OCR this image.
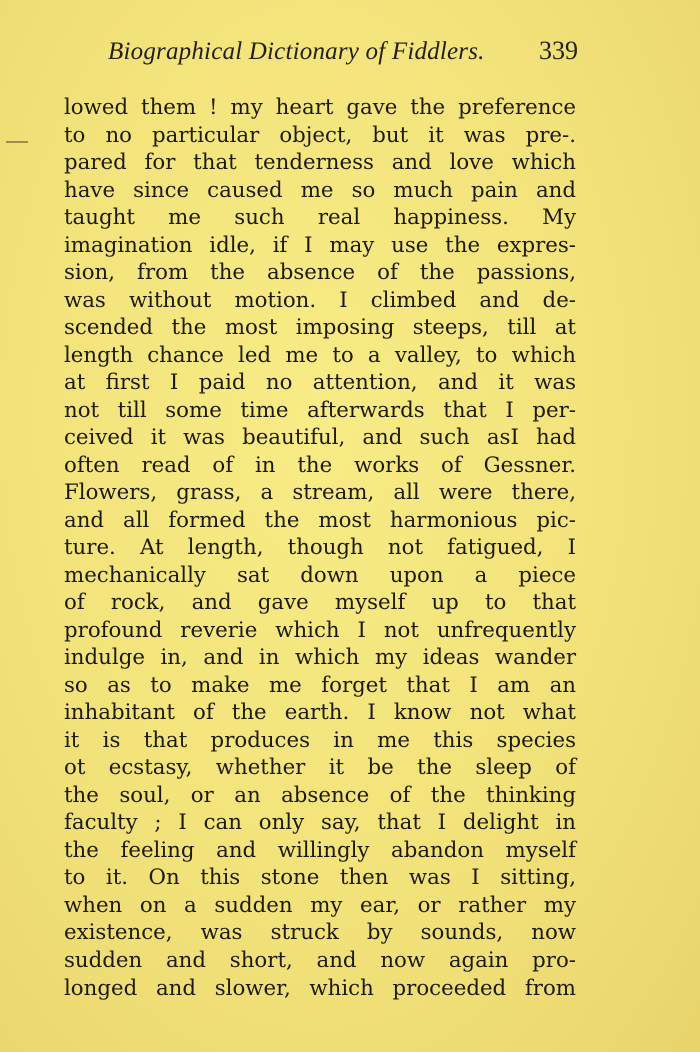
Biographical Dictionary of Fiddlers. 339
lowed them ! my heart gave the preference
to no particular object, but it was pre-.
pared for that tenderness and love which
have since caused me so much pain and
taught me such real happiness. My
imagination idle, if I may use the expres-
sion, from the absence of the passions,
was without motion. I climbed and de-
scended the most imposing steeps, till at
length chance led me to a valley, to which
at first I paid no attention, and it was
not till some time afterwards that I per-
ceived it was beautiful, and such asI had
often read of in the works of Gessner.
Flowers, grass, a stream, all were there,
and all formed the most harmonious pic-
ture. At length, though not fatigued, I
mechanically sat down upon a piece
of rock, and gave myself up to that
profound reverie which I not unfrequently
indulge in, and in which my ideas wander
so as to make me forget that I am an
inhabitant of the earth. I know not what
it is that produces in me this species
ot ecstasy, whether it be the sleep of
the soul, or an absence of the thinking
faculty ; I can only say, that I delight in
the feeling and willingly abandon myself
to it. On this stone then was I sitting,
when on a sudden my ear, or rather my
existence, was struck by sounds, now
sudden and short, and now again pro-
longed and slower, which proceeded from
